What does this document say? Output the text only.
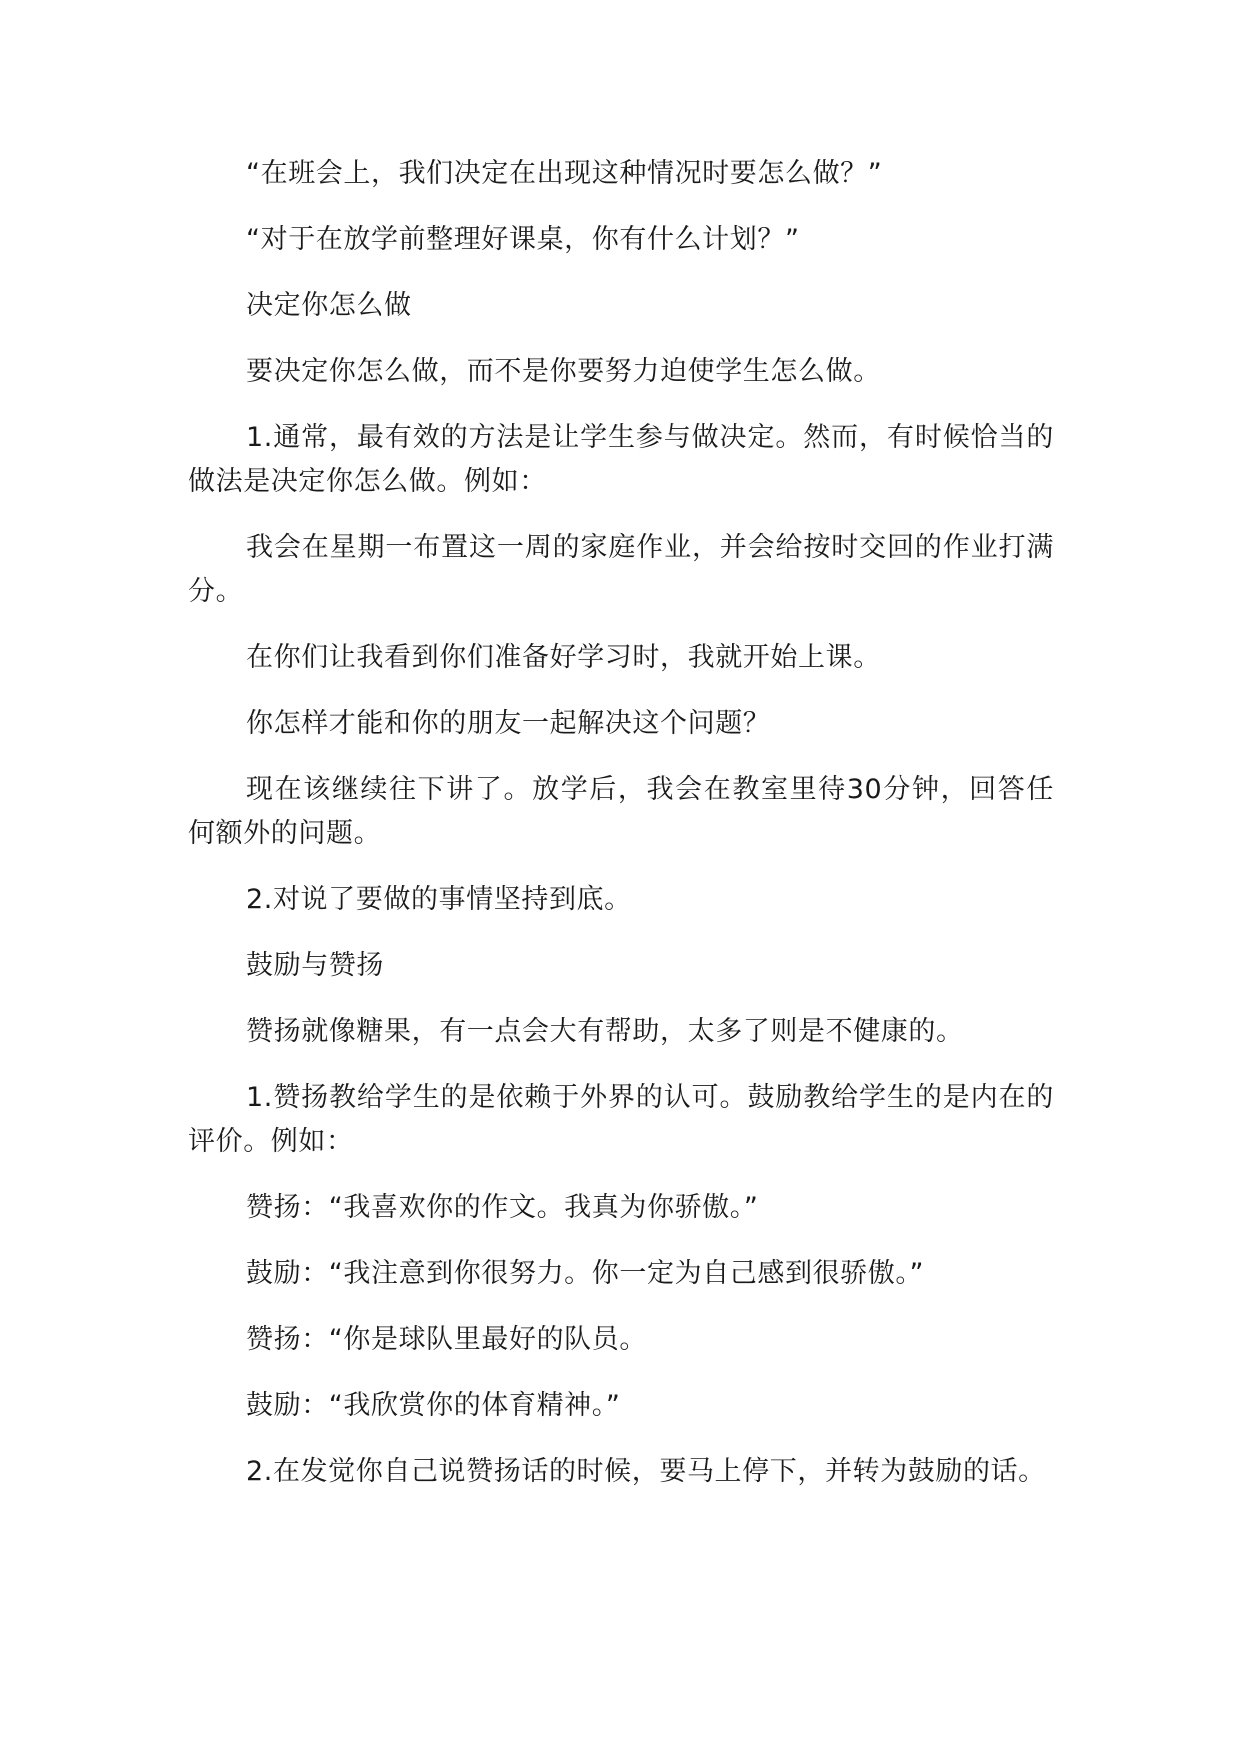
“在班会上，我们决定在出现这种情况时要怎么做？”

“对于在放学前整理好课桌，你有什么计划？”

决定你怎么做

要决定你怎么做，而不是你要努力迫使学生怎么做。

1.通常，最有效的方法是让学生参与做决定。然而，有时候恰当的做法是决定你怎么做。例如：

我会在星期一布置这一周的家庭作业，并会给按时交回的作业打满分。

在你们让我看到你们准备好学习时，我就开始上课。

你怎样才能和你的朋友一起解决这个问题？

现在该继续往下讲了。放学后，我会在教室里待30分钟，回答任何额外的问题。

2.对说了要做的事情坚持到底。

鼓励与赞扬

赞扬就像糖果，有一点会大有帮助，太多了则是不健康的。

1.赞扬教给学生的是依赖于外界的认可。鼓励教给学生的是内在的评价。例如：

赞扬：“我喜欢你的作文。我真为你骄傲。”

鼓励：“我注意到你很努力。你一定为自己感到很骄傲。”

赞扬：“你是球队里最好的队员。

鼓励：“我欣赏你的体育精神。”

2.在发觉你自己说赞扬话的时候，要马上停下，并转为鼓励的话。
